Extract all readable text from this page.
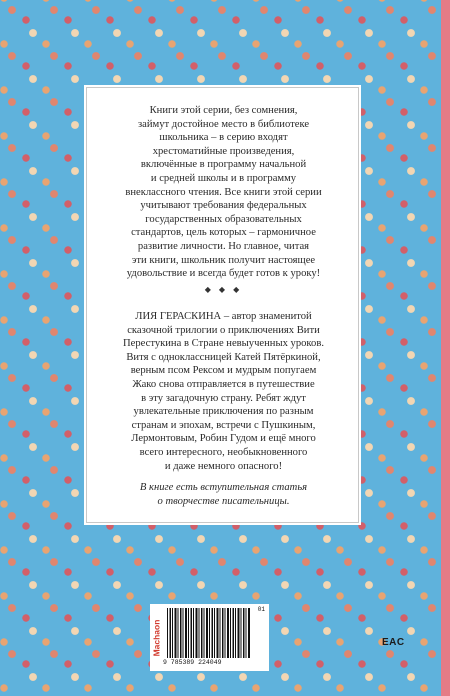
Книги этой серии, без сомнения,
займут достойное место в библиотеке
школьника – в серию входят
хрестоматийные произведения,
включённые в программу начальной
и средней школы и в программу
внеклассного чтения. Все книги этой серии
учитывают требования федеральных
государственных образовательных
стандартов, цель которых – гармоничное
развитие личности. Но главное, читая
эти книги, школьник получит настоящее
удовольствие и всегда будет готов к уроку!
◆ ◆ ◆
ЛИЯ ГЕРАСКИНА – автор знаменитой
сказочной трилогии о приключениях Вити
Перестукина в Стране невыученных уроков.
Витя с одноклассницей Катей Пятёркиной,
верным псом Рексом и мудрым попугаем
Жако снова отправляется в путешествие
в эту загадочную страну. Ребят ждут
увлекательные приключения по разным
странам и эпохам, встречи с Пушкиным,
Лермонтовым, Робин Гудом и ещё много
всего интересного, необыкновенного
и даже немного опасного!
В книге есть вступительная статья
о творчестве писательницы.
Machaon
9 785389 224049
01
EAC
